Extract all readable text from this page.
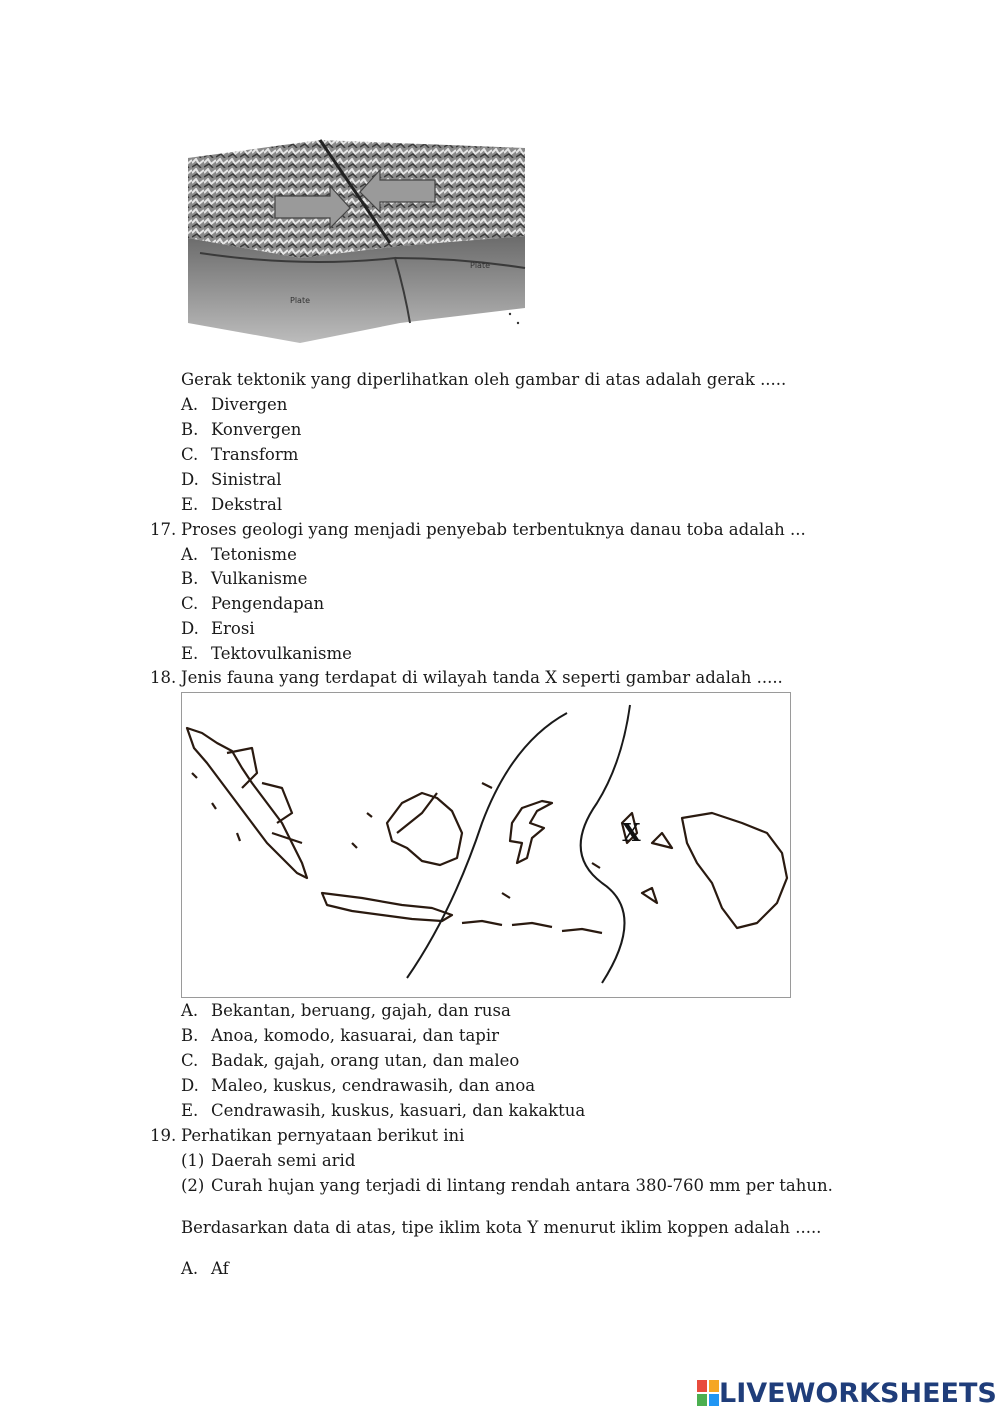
Plate
Plate
Gerak tektonik yang diperlihatkan oleh gambar di atas adalah gerak .....
A. Divergen
B. Konvergen
C. Transform
D. Sinistral
E. Dekstral
17. Proses geologi yang menjadi penyebab terbentuknya danau toba adalah ...
A. Tetonisme
B. Vulkanisme
C. Pengendapan
D. Erosi
E. Tektovulkanisme
18. Jenis fauna yang terdapat di wilayah tanda X seperti gambar adalah .....
X
A. Bekantan, beruang, gajah, dan rusa
B. Anoa, komodo, kasuarai, dan tapir
C. Badak, gajah, orang utan, dan maleo
D. Maleo, kuskus, cendrawasih, dan anoa
E. Cendrawasih, kuskus, kasuari, dan kakaktua
19. Perhatikan pernyataan berikut ini
(1) Daerah semi arid
(2) Curah hujan yang terjadi di lintang rendah antara 380-760 mm per tahun.
Berdasarkan data di atas, tipe iklim kota Y menurut iklim koppen adalah .....
A. Af
LIVEWORKSHEETS
